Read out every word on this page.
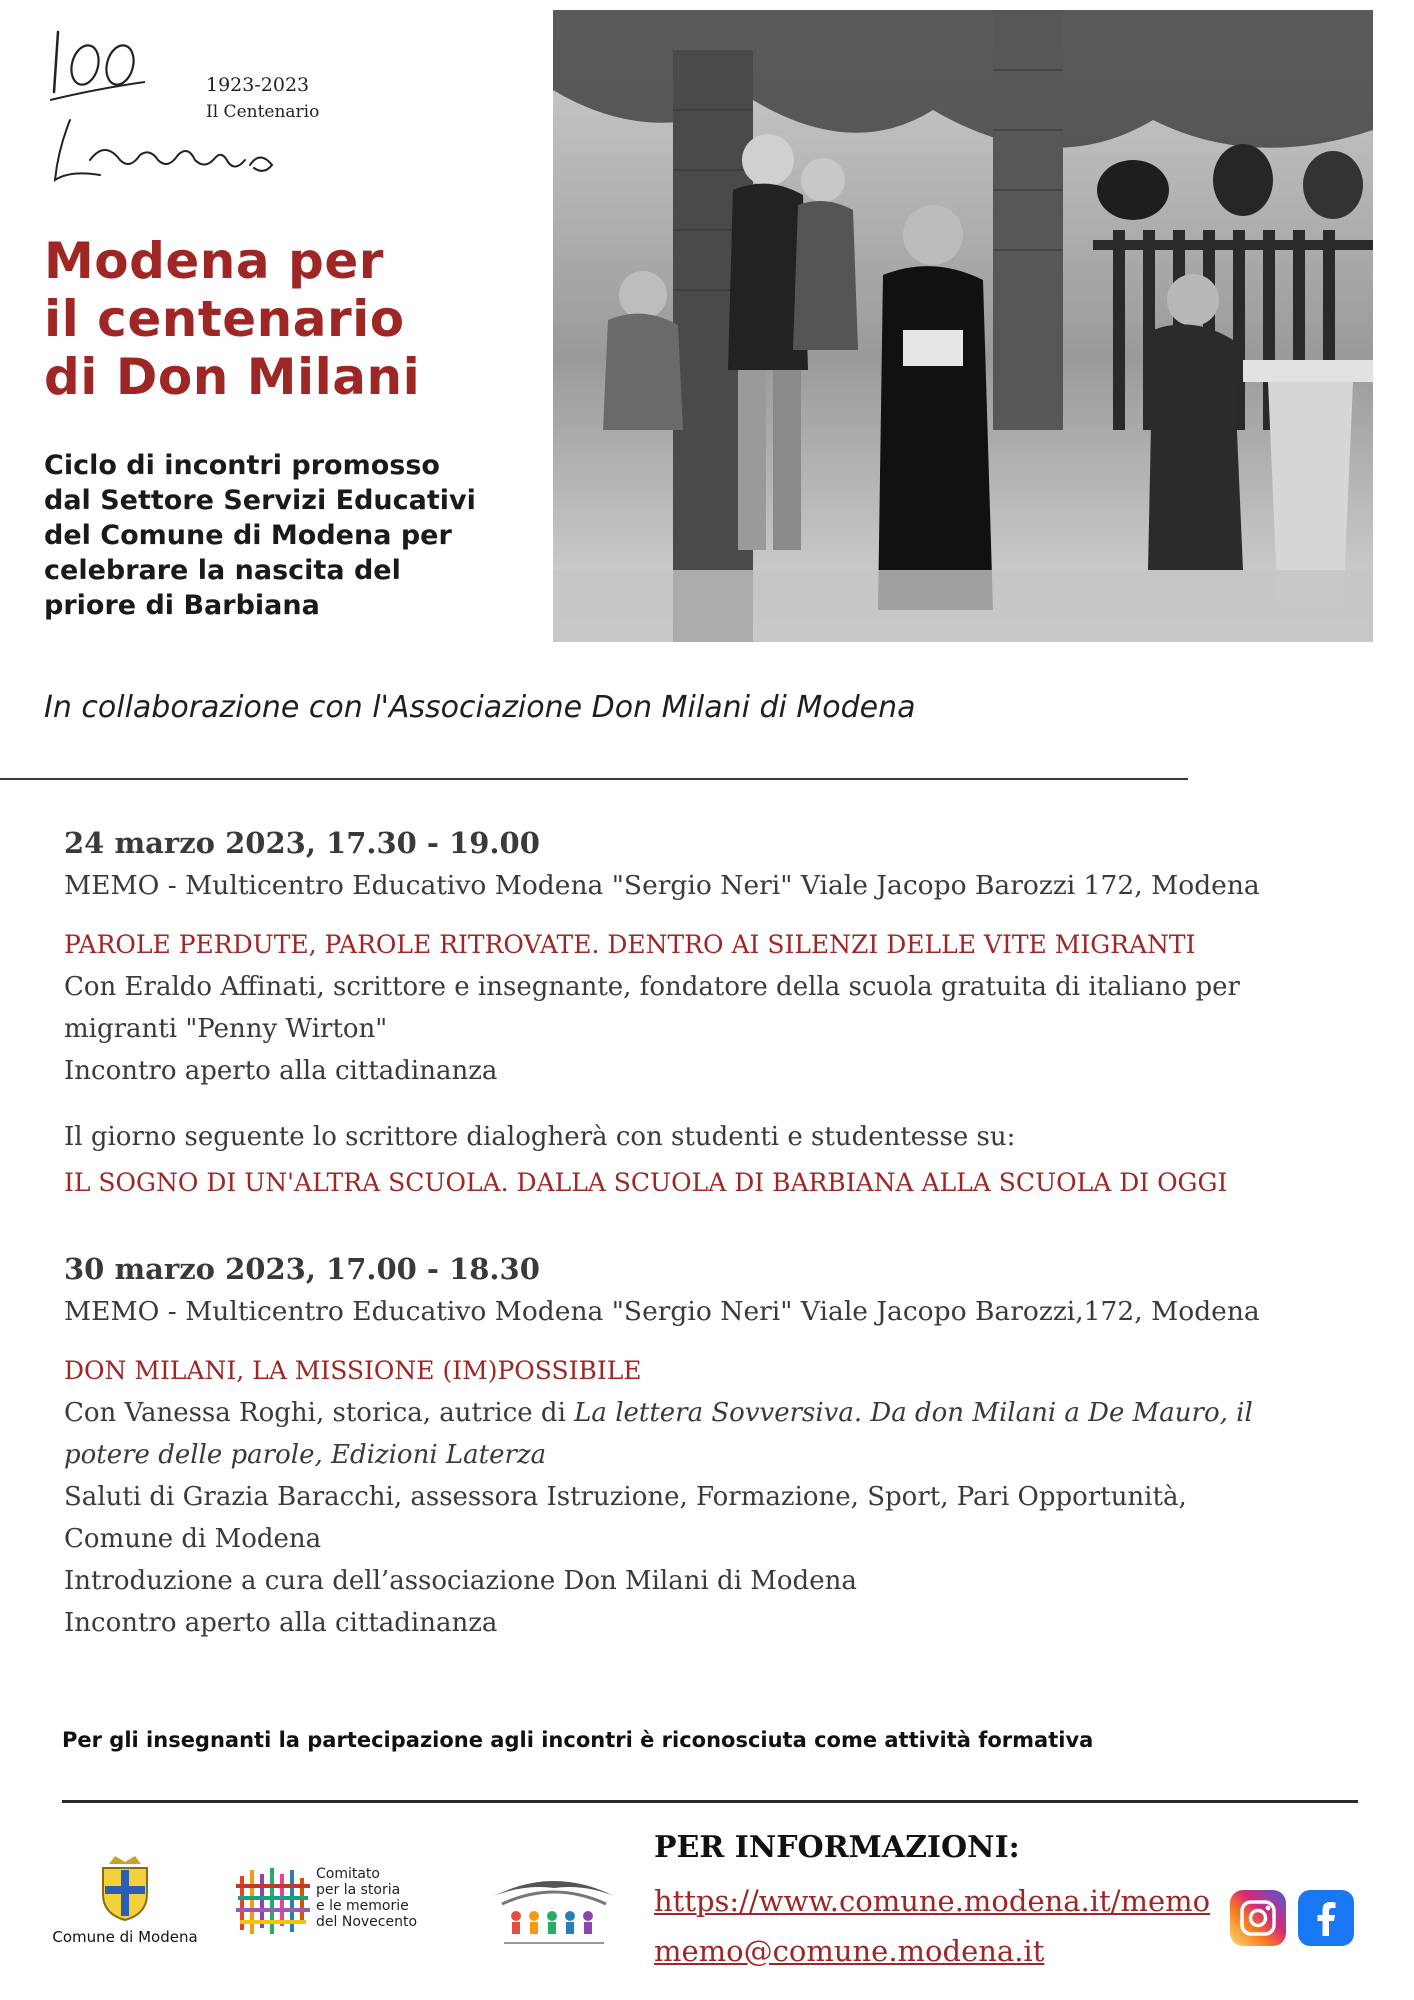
1923-2023
Il Centenario
Modena per
il centenario
di Don Milani
Ciclo di incontri promosso
dal Settore Servizi Educativi
del Comune di Modena per
celebrare la nascita del
priore di Barbiana
In collaborazione con l'Associazione Don Milani di Modena
24 marzo 2023, 17.30 - 19.00
MEMO - Multicentro Educativo Modena "Sergio Neri" Viale Jacopo Barozzi 172, Modena
PAROLE PERDUTE, PAROLE RITROVATE. DENTRO AI SILENZI DELLE VITE MIGRANTI

Con Eraldo Affinati, scrittore e insegnante, fondatore della scuola gratuita di italiano per migranti "Penny Wirton"

Incontro aperto alla cittadinanza

Il giorno seguente lo scrittore dialogherà con studenti e studentesse su:
IL SOGNO DI UN'ALTRA SCUOLA. DALLA SCUOLA DI BARBIANA ALLA SCUOLA DI OGGI
30 marzo 2023, 17.00 - 18.30
MEMO - Multicentro Educativo Modena "Sergio Neri" Viale Jacopo Barozzi,172, Modena
DON MILANI, LA MISSIONE (IM)POSSIBILE

Con Vanessa Roghi, storica, autrice di La lettera Sovversiva. Da don Milani a De Mauro, il potere delle parole, Edizioni Laterza

Saluti di Grazia Baracchi, assessora Istruzione, Formazione, Sport, Pari Opportunità, Comune di Modena

Introduzione a cura dell’associazione Don Milani di Modena

Incontro aperto alla cittadinanza

Per gli insegnanti la partecipazione agli incontri è riconosciuta come attività formativa
Comune di Modena
Comitato
per la storia
e le memorie
del Novecento
PER INFORMAZIONI:
https://www.comune.modena.it/memo
memo@comune.modena.it
